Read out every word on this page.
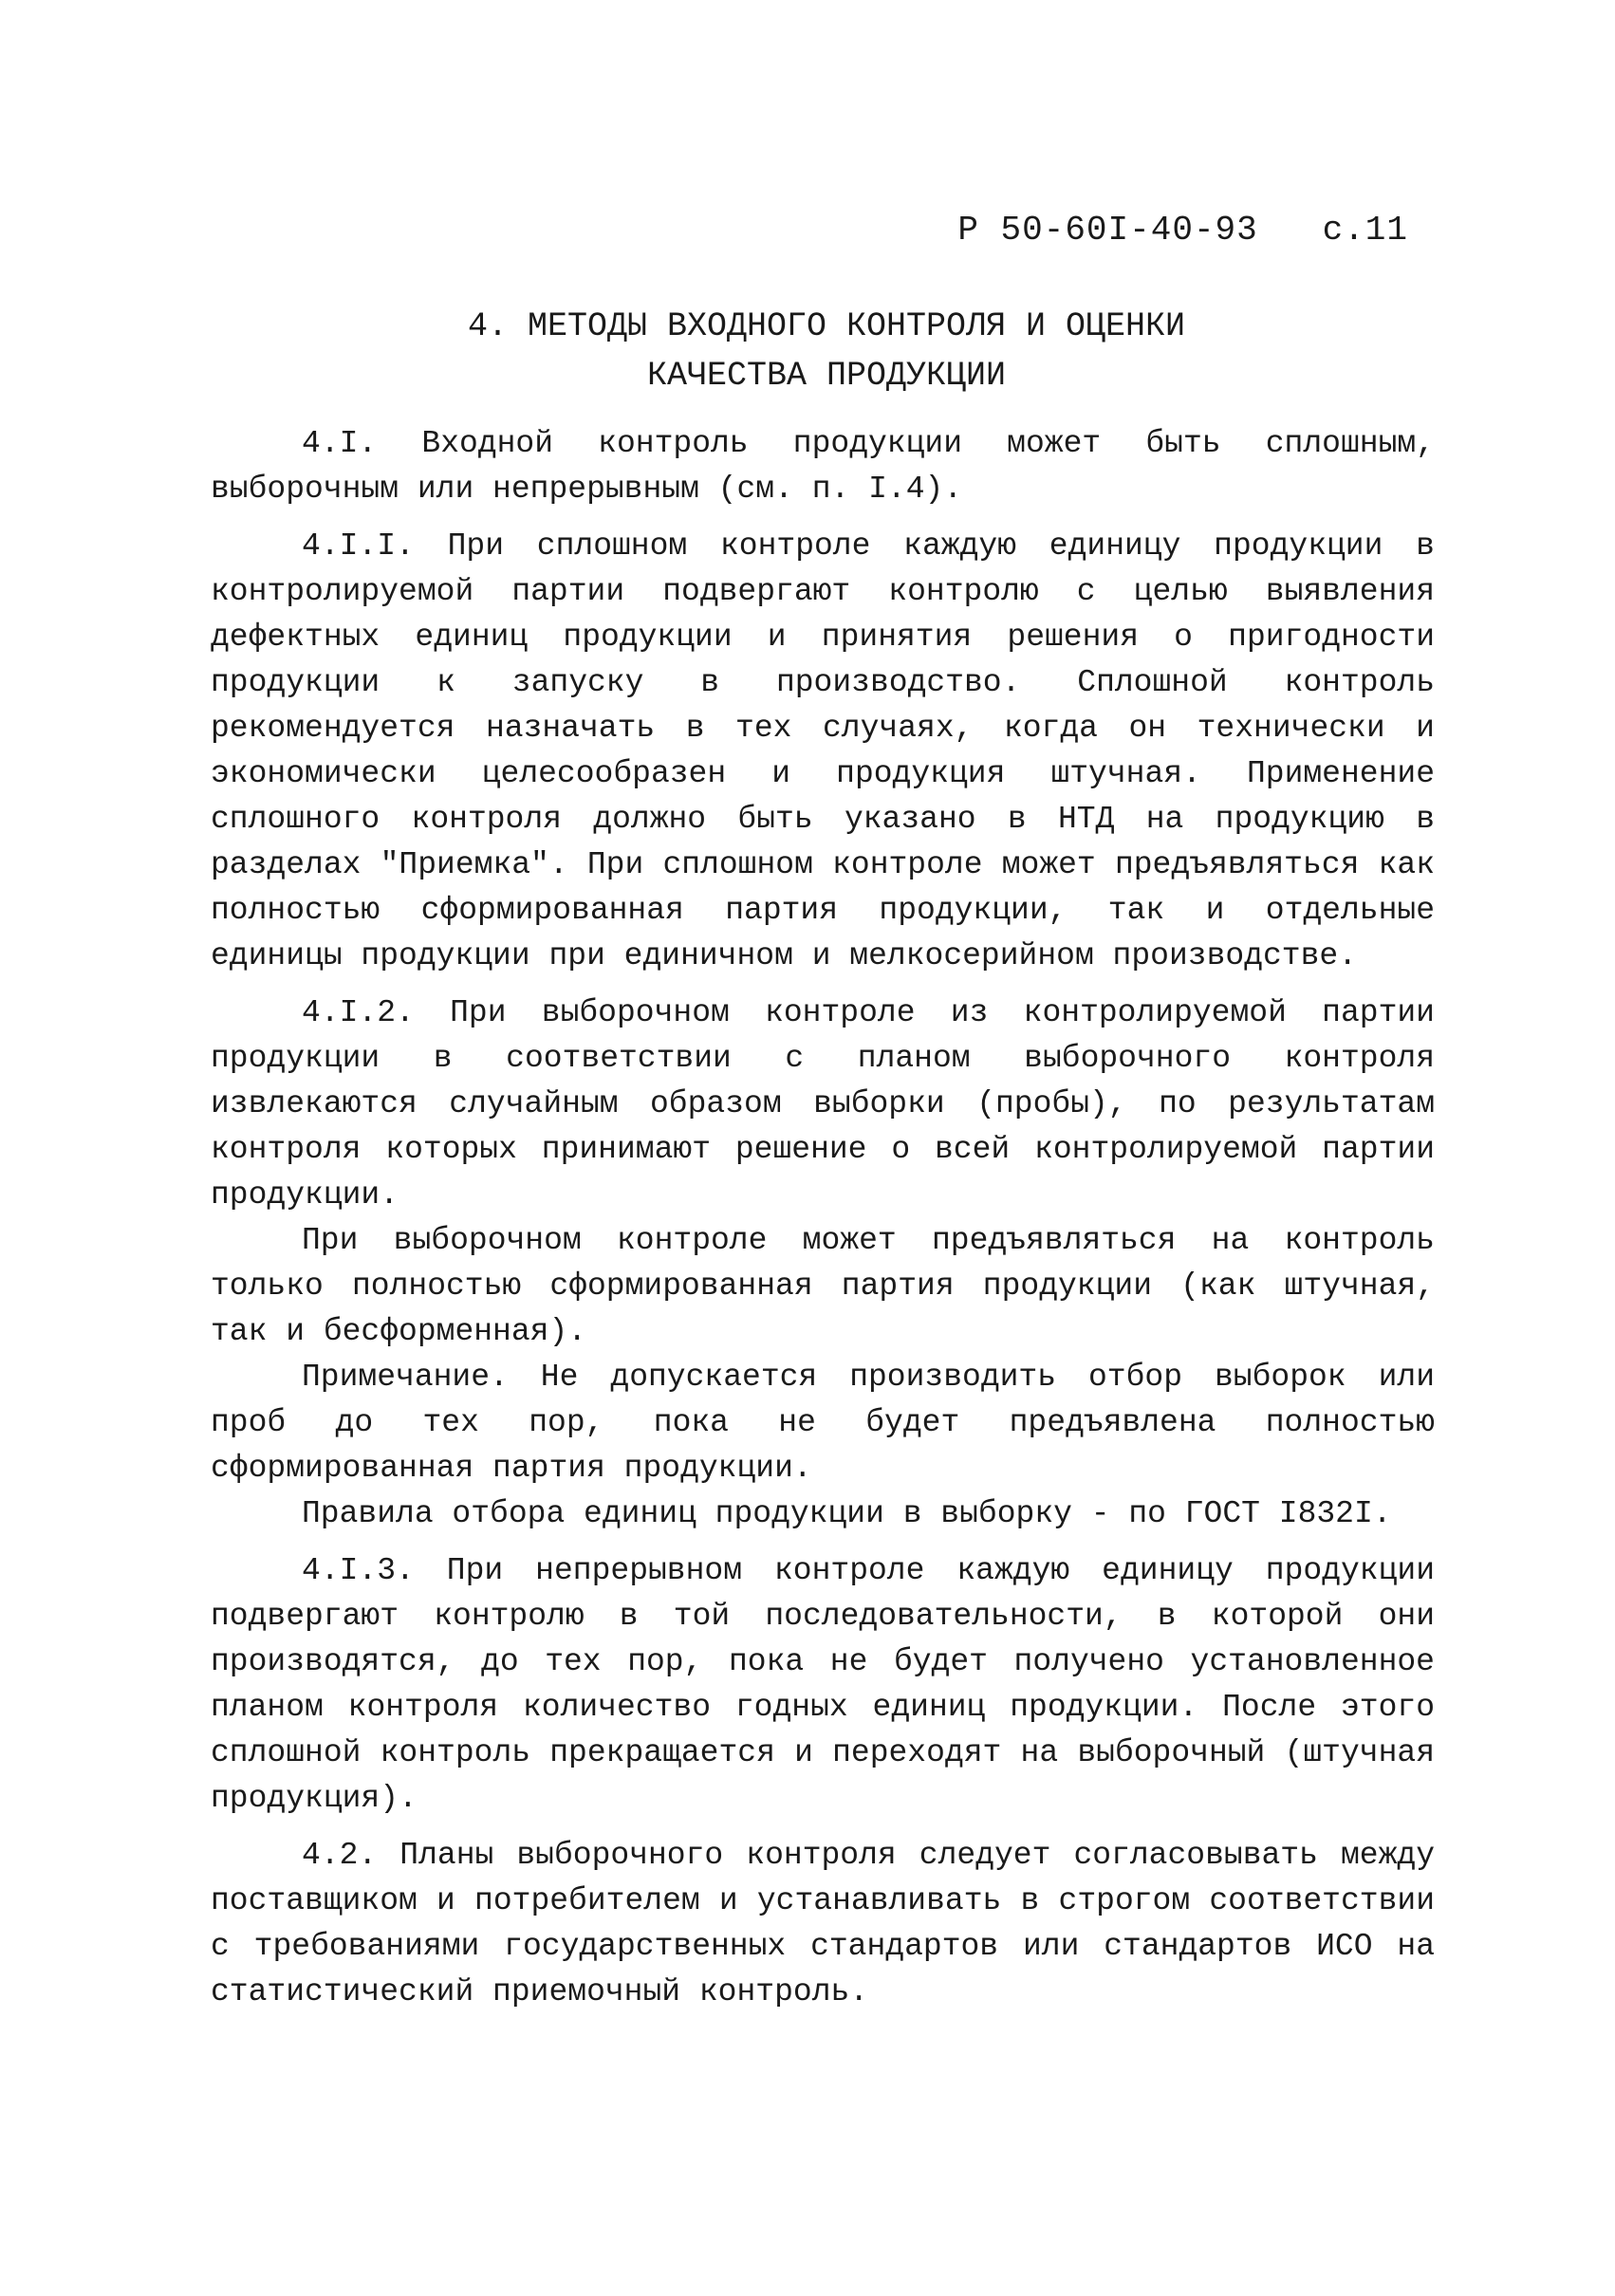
Р 50-60I-40-93 с.11
4. МЕТОДЫ ВХОДНОГО КОНТРОЛЯ И ОЦЕНКИ
КАЧЕСТВА ПРОДУКЦИИ

4.I. Входной контроль продукции может быть сплошным, выборочным или непрерывным (см. п. I.4).

4.I.I. При сплошном контроле каждую единицу продукции в контролируемой партии подвергают контролю с целью выявления дефектных единиц продукции и принятия решения о пригодности продукции к запуску в производство. Сплошной контроль рекомендуется назначать в тех случаях, когда он технически и экономически целесообразен и продукция штучная. Применение сплошного контроля должно быть указано в НТД на продукцию в разделах "Приемка". При сплошном контроле может предъявляться как полностью сформированная партия продукции, так и отдельные единицы продукции при единичном и мелкосерийном производстве.

4.I.2. При выборочном контроле из контролируемой партии продукции в соответствии с планом выборочного контроля извлекаются случайным образом выборки (пробы), по результатам контроля которых принимают решение о всей контролируемой партии продукции.

При выборочном контроле может предъявляться на контроль только полностью сформированная партия продукции (как штучная, так и бесформенная).

Примечание. Не допускается производить отбор выборок или проб до тех пор, пока не будет предъявлена полностью сформированная партия продукции.

Правила отбора единиц продукции в выборку - по ГОСТ I832I.

4.I.3. При непрерывном контроле каждую единицу продукции подвергают контролю в той последовательности, в которой они производятся, до тех пор, пока не будет получено установленное планом контроля количество годных единиц продукции. После этого сплошной контроль прекращается и переходят на выборочный (штучная продукция).

4.2. Планы выборочного контроля следует согласовывать между поставщиком и потребителем и устанавливать в строгом соответствии с требованиями государственных стандартов или стандартов ИСО на статистический приемочный контроль.
